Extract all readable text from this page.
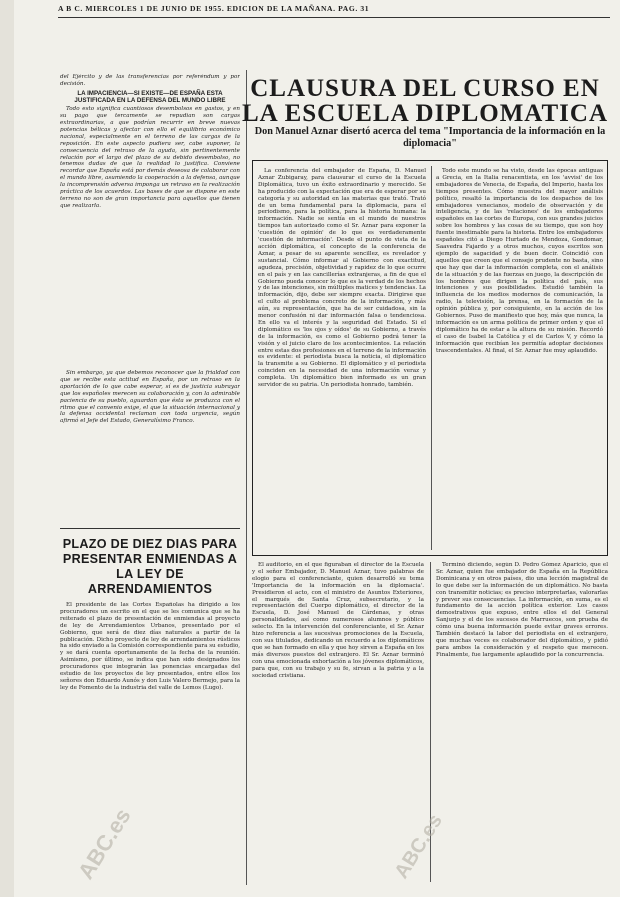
A B C. MIERCOLES 1 DE JUNIO DE 1955. EDICION DE LA MAÑANA. PAG. 31

del Ejército y de las transferencias por referéndum y por decisión.

LA IMPACIENCIA—SI EXISTE—DE ESPAÑA ESTA JUSTIFICADA EN LA DEFENSA DEL MUNDO LIBRE

Todo esto significa cuantiosos desembolsos en gastos, y en su pago que tercamente se repudian son cargas extraordinarias, a que podrían recurrir en breve nuevas potencias bélicas y afectar con ello el equilibrio económico nacional, especialmente en el terreno de las cargas de la reposición. En este aspecto pudiera ser, cabe suponer, la consecuencia del retraso de la ayuda, sin pertinentemente relación por el largo del plazo de su debido desembolso, no tenemos dudas de que la realidad lo justifica. Conviene recordar que España está por demás deseosa de colaborar con el mundo libre, asumiendo la cooperación a la defensa, aunque la incomprensión adversa imponga un retraso en la realización práctica de los acuerdos. Las bases de que se dispone en este terreno no son de gran importancia para aquellos que tienen que realizarla.

Sin embargo, ya que debemos reconocer que la frialdad con que se recibe esta actitud en España, por un retraso en la aportación de lo que cabe esperar, sí es de justicia subrayar que los españoles merecen su colaboración y, con la admirable paciencia de su pueblo, aguardan que ésta se produzca con el ritmo que el convenio exige, el que la situación internacional y la defensa occidental reclaman con toda urgencia, según afirmó el Jefe del Estado, Generalísimo Franco.

PLAZO DE DIEZ DIAS PARA PRESENTAR ENMIENDAS A LA LEY DE ARRENDAMIENTOS

El presidente de las Cortes Españolas ha dirigido a los procuradores un escrito en el que se les comunica que se ha reiterado el plazo de presentación de enmiendas al proyecto de ley de Arrendamientos Urbanos, presentado por el Gobierno, que será de diez días naturales a partir de la publicación. Dicho proyecto de ley de arrendamientos rústicos ha sido enviado a la Comisión correspondiente para su estudio, y se dará cuenta oportunamente de la fecha de la reunión. Asimismo, por último, se indica que han sido designados los procuradores que integrarán las ponencias encargadas del estudio de los proyectos de ley presentados, entre ellos los señores don Eduardo Aunós y don Luis Valero Bermejo, para la ley de Fomento de la industria del valle de Lemos (Lugo).

CLAUSURA DEL CURSO EN LA ESCUELA DIPLOMATICA
Don Manuel Aznar disertó acerca del tema "Importancia de la información en la diplomacia"

La conferencia del embajador de España, D. Manuel Aznar Zubigaray, para clausurar el curso de la Escuela Diplomática, tuvo un éxito extraordinario y merecido. Se ha producido con la expectación que era de esperar por su categoría y su autoridad en las materias que trató. Trató de un tema fundamental para la diplomacia, para el periodismo, para la política, para la historia humana: la información. Nadie se sentía en el mundo de nuestros tiempos tan autorizado como el Sr. Aznar para exponer la 'cuestión de opinión' de lo que es verdaderamente 'cuestión de información'. Desde el punto de vista de la acción diplomática, el concepto de la conferencia de Aznar, a pesar de su aparente sencillez, es revelador y sustancial. Cómo informar al Gobierno con exactitud, agudeza, precisión, objetividad y rapidez de lo que ocurre en el país y en las cancillerías extranjeras, a fin de que el Gobierno pueda conocer lo que es la verdad de los hechos y de las intenciones, sin múltiples matices y tendencias. La información, dijo, debe ser siempre exacta. Dirigirse que el culto al problema concreto de la información, y más aún, su representación, que ha de ser cuidadosa, sin la menor confusión ni dar información falsa o tendenciosa. En ello va el interés y la seguridad del Estado. Si el diplomático es 'los ojos y oídos' de su Gobierno, a través de la información, es como el Gobierno podrá tener la visión y el juicio claro de los acontecimientos. La relación entre estas dos profesiones en el terreno de la información es evidente: el periodista busca la noticia, el diplomático la transmite a su Gobierno. El diplomático y el periodista coinciden en la necesidad de una información veraz y completa. Un diplomático bien informado es un gran servidor de su patria. Un periodista honrado, también.

Todo este mundo se ha visto, desde las épocas antiguas a Grecia, en la Italia renacentista, en los 'avvisi' de los embajadores de Venecia, de España, del Imperio, hasta los tiempos presentes. Cómo muestra del mayor análisis político, resaltó la importancia de los despachos de los embajadores venecianos, modelo de observación y de inteligencia, y de las 'relaciones' de los embajadores españoles en las cortes de Europa, con sus grandes juicios sobre los hombres y las cosas de su tiempo, que son hoy fuente inestimable para la historia. Entre los embajadores españoles citó a Diego Hurtado de Mendoza, Gondomar, Saavedra Fajardo y a otros muchos, cuyos escritos son ejemplo de sagacidad y de buen decir. Coincidió con aquellos que creen que el consejo prudente no basta, sino que hay que dar la información completa, con el análisis de la situación y de las fuerzas en juego, la descripción de los hombres que dirigen la política del país, sus intenciones y sus posibilidades. Estudió también la influencia de los medios modernos de comunicación, la radio, la televisión, la prensa, en la formación de la opinión pública y, por consiguiente, en la acción de los Gobiernos. Puso de manifiesto que hoy, más que nunca, la información es un arma política de primer orden y que el diplomático ha de estar a la altura de su misión. Recordó el caso de Isabel la Católica y el de Carlos V, y cómo la información que recibían les permitía adoptar decisiones trascendentales. Al final, el Sr. Aznar fue muy aplaudido.

El auditorio, en el que figuraban el director de la Escuela y el señor Embajador, D. Manuel Aznar, tuvo palabras de elogio para el conferenciante, quien desarrolló su tema 'Importancia de la información en la diplomacia'. Presidieron el acto, con el ministro de Asuntos Exteriores, el marqués de Santa Cruz, subsecretario, y la representación del Cuerpo diplomático, el director de la Escuela, D. José Manuel de Cárdenas, y otras personalidades, así como numerosos alumnos y público selecto. En la intervención del conferenciante, el Sr. Aznar hizo referencia a las sucesivas promociones de la Escuela, con sus titulados, dedicando un recuerdo a los diplomáticos que se han formado en ella y que hoy sirven a España en los más diversos puestos del extranjero. El Sr. Aznar terminó con una emocionada exhortación a los jóvenes diplomáticos, para que, con su trabajo y su fe, sirvan a la patria y a la sociedad cristiana.

Terminó diciendo, según D. Pedro Gómez Aparicio, que el Sr. Aznar, quien fue embajador de España en la República Dominicana y en otros países, dio una lección magistral de lo que debe ser la información de un diplomático. No basta con transmitir noticias; es preciso interpretarlas, valorarlas y prever sus consecuencias. La información, en suma, es el fundamento de la acción política exterior. Los casos demostrativos que expuso, entre ellos el del General Sanjurjo y el de los sucesos de Marruecos, son prueba de cómo una buena información puede evitar graves errores. También destacó la labor del periodista en el extranjero, que muchas veces es colaborador del diplomático, y pidió para ambos la consideración y el respeto que merecen. Finalmente, fue largamente aplaudido por la concurrencia.

ABC.es	ABC.es
